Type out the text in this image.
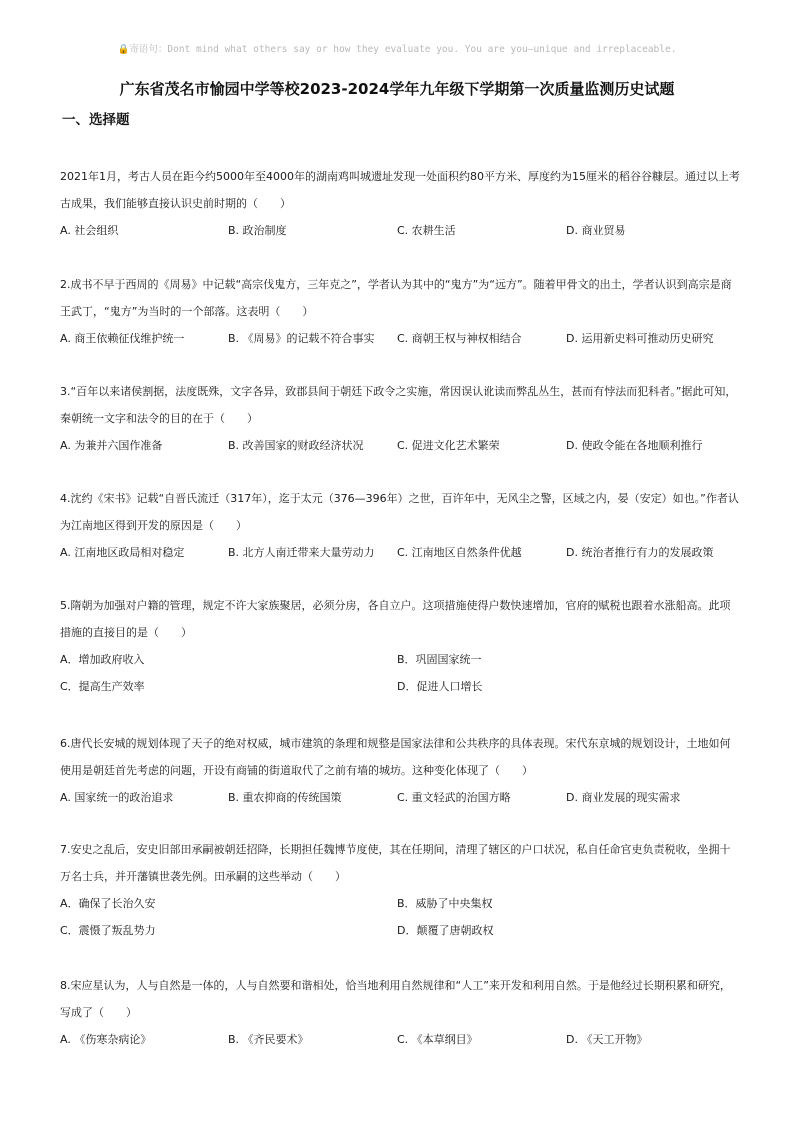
🔒寄语句：Dont mind what others say or how they evaluate you. You are you—unique and irreplaceable.
广东省茂名市愉园中学等校2023-2024学年九年级下学期第一次质量监测历史试题
一、选择题

2021年1月，考古人员在距今约5000年至4000年的湖南鸡叫城遗址发现一处面积约80平方米、厚度约为15厘米的稻谷谷糠层。通过以上考古成果，我们能够直接认识史前时期的（　　）

A. 社会组织	B. 政治制度	C. 农耕生活	D. 商业贸易

2.成书不早于西周的《周易》中记载“高宗伐鬼方，三年克之”，学者认为其中的“鬼方”为“远方”。随着甲骨文的出土，学者认识到高宗是商王武丁，“鬼方”为当时的一个部落。这表明（　　）

A. 商王依赖征伐维护统一	B. 《周易》的记载不符合事实 C. 商朝王权与神权相结合	D. 运用新史料可推动历史研究

3.“百年以来诸侯割据，法度既殊，文字各异，致郡县间于朝廷下政令之实施，常因误认讹读而弊乱丛生，甚而有悖法而犯科者。”据此可知，秦朝统一文字和法令的目的在于（　　）

A. 为兼并六国作准备	B. 改善国家的财政经济状况	C. 促进文化艺术繁荣	D. 使政令能在各地顺利推行

4.沈约《宋书》记载“自晋氏流迁（317年），迄于太元（376—396年）之世，百许年中，无风尘之警，区域之内，晏（安定）如也。”作者认为江南地区得到开发的原因是（　　）

A. 江南地区政局相对稳定	B. 北方人南迁带来大量劳动力 C. 江南地区自然条件优越	D. 统治者推行有力的发展政策

5.隋朝为加强对户籍的管理，规定不许大家族聚居，必须分房，各自立户。这项措施使得户数快速增加，官府的赋税也跟着水涨船高。此项措施的直接目的是（　　）

A．增加政府收入	B．巩固国家统一
C．提高生产效率	D．促进人口增长

6.唐代长安城的规划体现了天子的绝对权威，城市建筑的条理和规整是国家法律和公共秩序的具体表现。宋代东京城的规划设计，土地如何使用是朝廷首先考虑的问题，开设有商铺的街道取代了之前有墙的城坊。这种变化体现了（　　）

A. 国家统一的政治追求	B. 重农抑商的传统国策	C. 重文轻武的治国方略	D. 商业发展的现实需求

7.安史之乱后，安史旧部田承嗣被朝廷招降，长期担任魏博节度使，其在任期间，清理了辖区的户口状况，私自任命官吏负责税收，坐拥十万名士兵，并开藩镇世袭先例。田承嗣的这些举动（　　）

A．确保了长治久安	B．威胁了中央集权
C．震慑了叛乱势力	D．颠覆了唐朝政权

8.宋应星认为，人与自然是一体的，人与自然要和谐相处，恰当地利用自然规律和“人工”来开发和利用自然。于是他经过长期积累和研究，写成了（　　）

A. 《伤寒杂病论》	B. 《齐民要术》	C. 《本草纲目》	D. 《天工开物》
